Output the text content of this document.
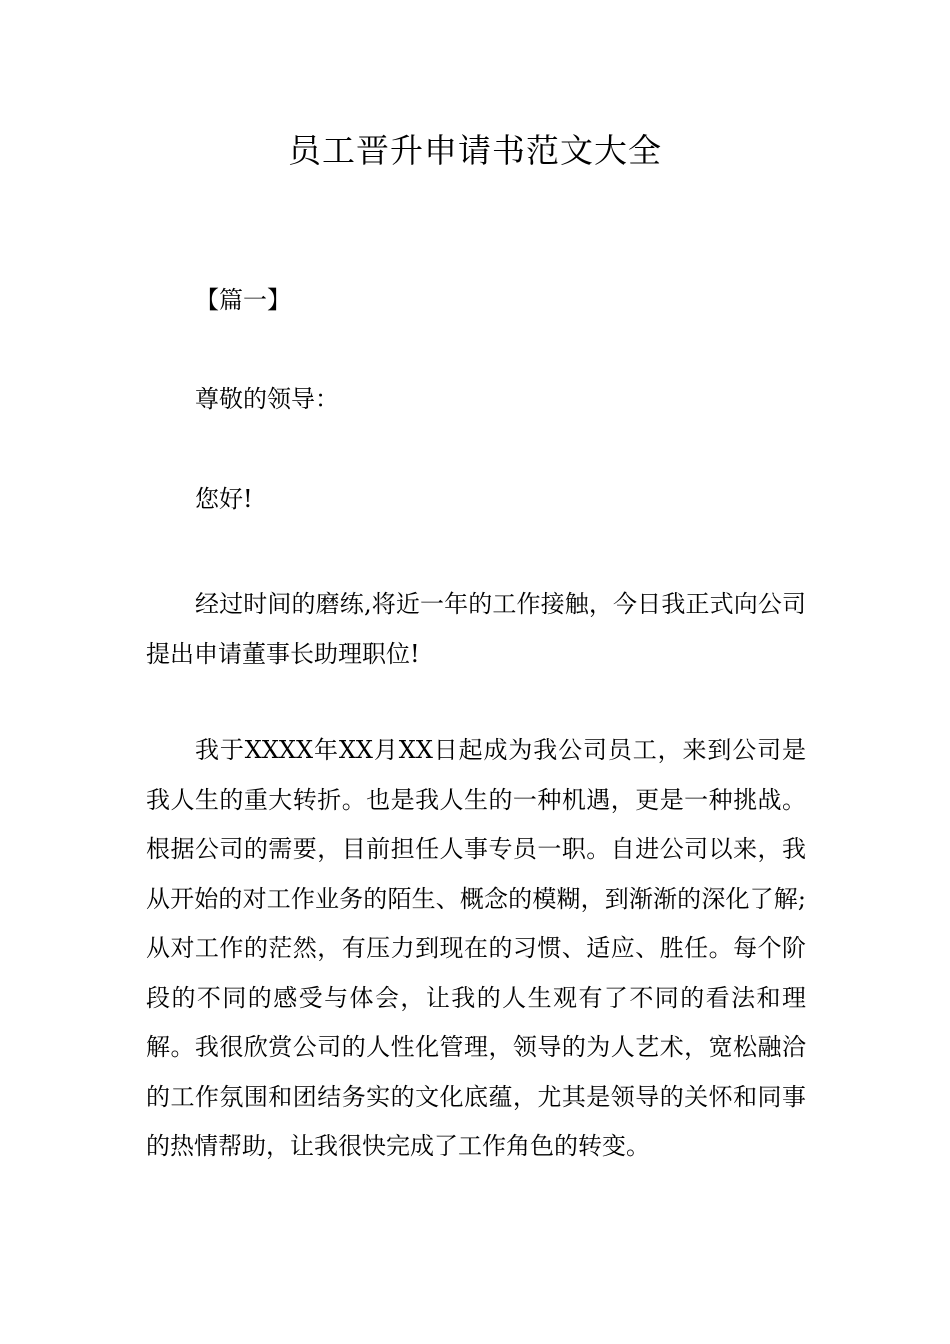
员工晋升申请书范文大全
【篇一】
尊敬的领导：
您好!

经过时间的磨练,将近一年的工作接触，今日我正式向公司提出申请董事长助理职位!

我于XXXX年XX月XX日起成为我公司员工，来到公司是我人生的重大转折。也是我人生的一种机遇，更是一种挑战。根据公司的需要，目前担任人事专员一职。自进公司以来，我从开始的对工作业务的陌生、概念的模糊，到渐渐的深化了解;从对工作的茫然，有压力到现在的习惯、适应、胜任。每个阶段的不同的感受与体会，让我的人生观有了不同的看法和理解。我很欣赏公司的人性化管理，领导的为人艺术，宽松融洽的工作氛围和团结务实的文化底蕴，尤其是领导的关怀和同事的热情帮助，让我很快完成了工作角色的转变。
